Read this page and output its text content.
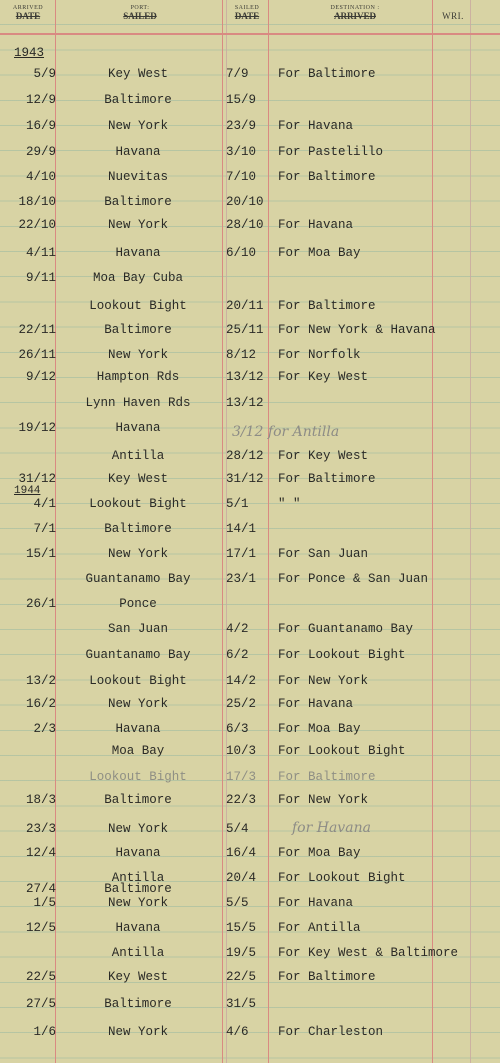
ARRIVED
DATE
PORT:
SAILED
SAILED
DATE
DESTINATION :
ARRIVED	WRI.
1943
1944
3/12 for Antilla
for Havana
5/9	Key West	7/9	For Baltimore
12/9	Baltimore	15/9
16/9	New York	23/9	For Havana
29/9	Havana	3/10	For Pastelillo
4/10	Nuevitas	7/10	For Baltimore
18/10	Baltimore	20/10
22/10	New York	28/10	For Havana
4/11	Havana	6/10	For Moa Bay
9/11	Moa Bay Cuba
Lookout Bight	20/11	For Baltimore
22/11	Baltimore	25/11	For New York & Havana
26/11	New York	8/12	For Norfolk
9/12	Hampton Rds	13/12	For Key West
Lynn Haven Rds	13/12
19/12	Havana
Antilla	28/12	For Key West
31/12	Key West	31/12	For Baltimore
4/1	Lookout Bight	5/1	" "
7/1	Baltimore	14/1
15/1	New York	17/1	For San Juan
Guantanamo Bay	23/1	For Ponce & San Juan
26/1	Ponce
San Juan	4/2	For Guantanamo Bay
Guantanamo Bay	6/2	For Lookout Bight
13/2	Lookout Bight	14/2	For New York
16/2	New York	25/2	For Havana
2/3	Havana	6/3	For Moa Bay
Moa Bay	10/3	For Lookout Bight
Lookout Bight	17/3	For Baltimore
18/3	Baltimore	22/3	For New York
23/3	New York	5/4
12/4	Havana	16/4	For Moa Bay
Antilla	20/4	For Lookout Bight
27/4	Baltimore
1/5	New York	5/5	For Havana
12/5	Havana	15/5	For Antilla
Antilla	19/5	For Key West & Baltimore
22/5	Key West	22/5	For Baltimore
27/5	Baltimore	31/5
1/6	New York	4/6	For Charleston
